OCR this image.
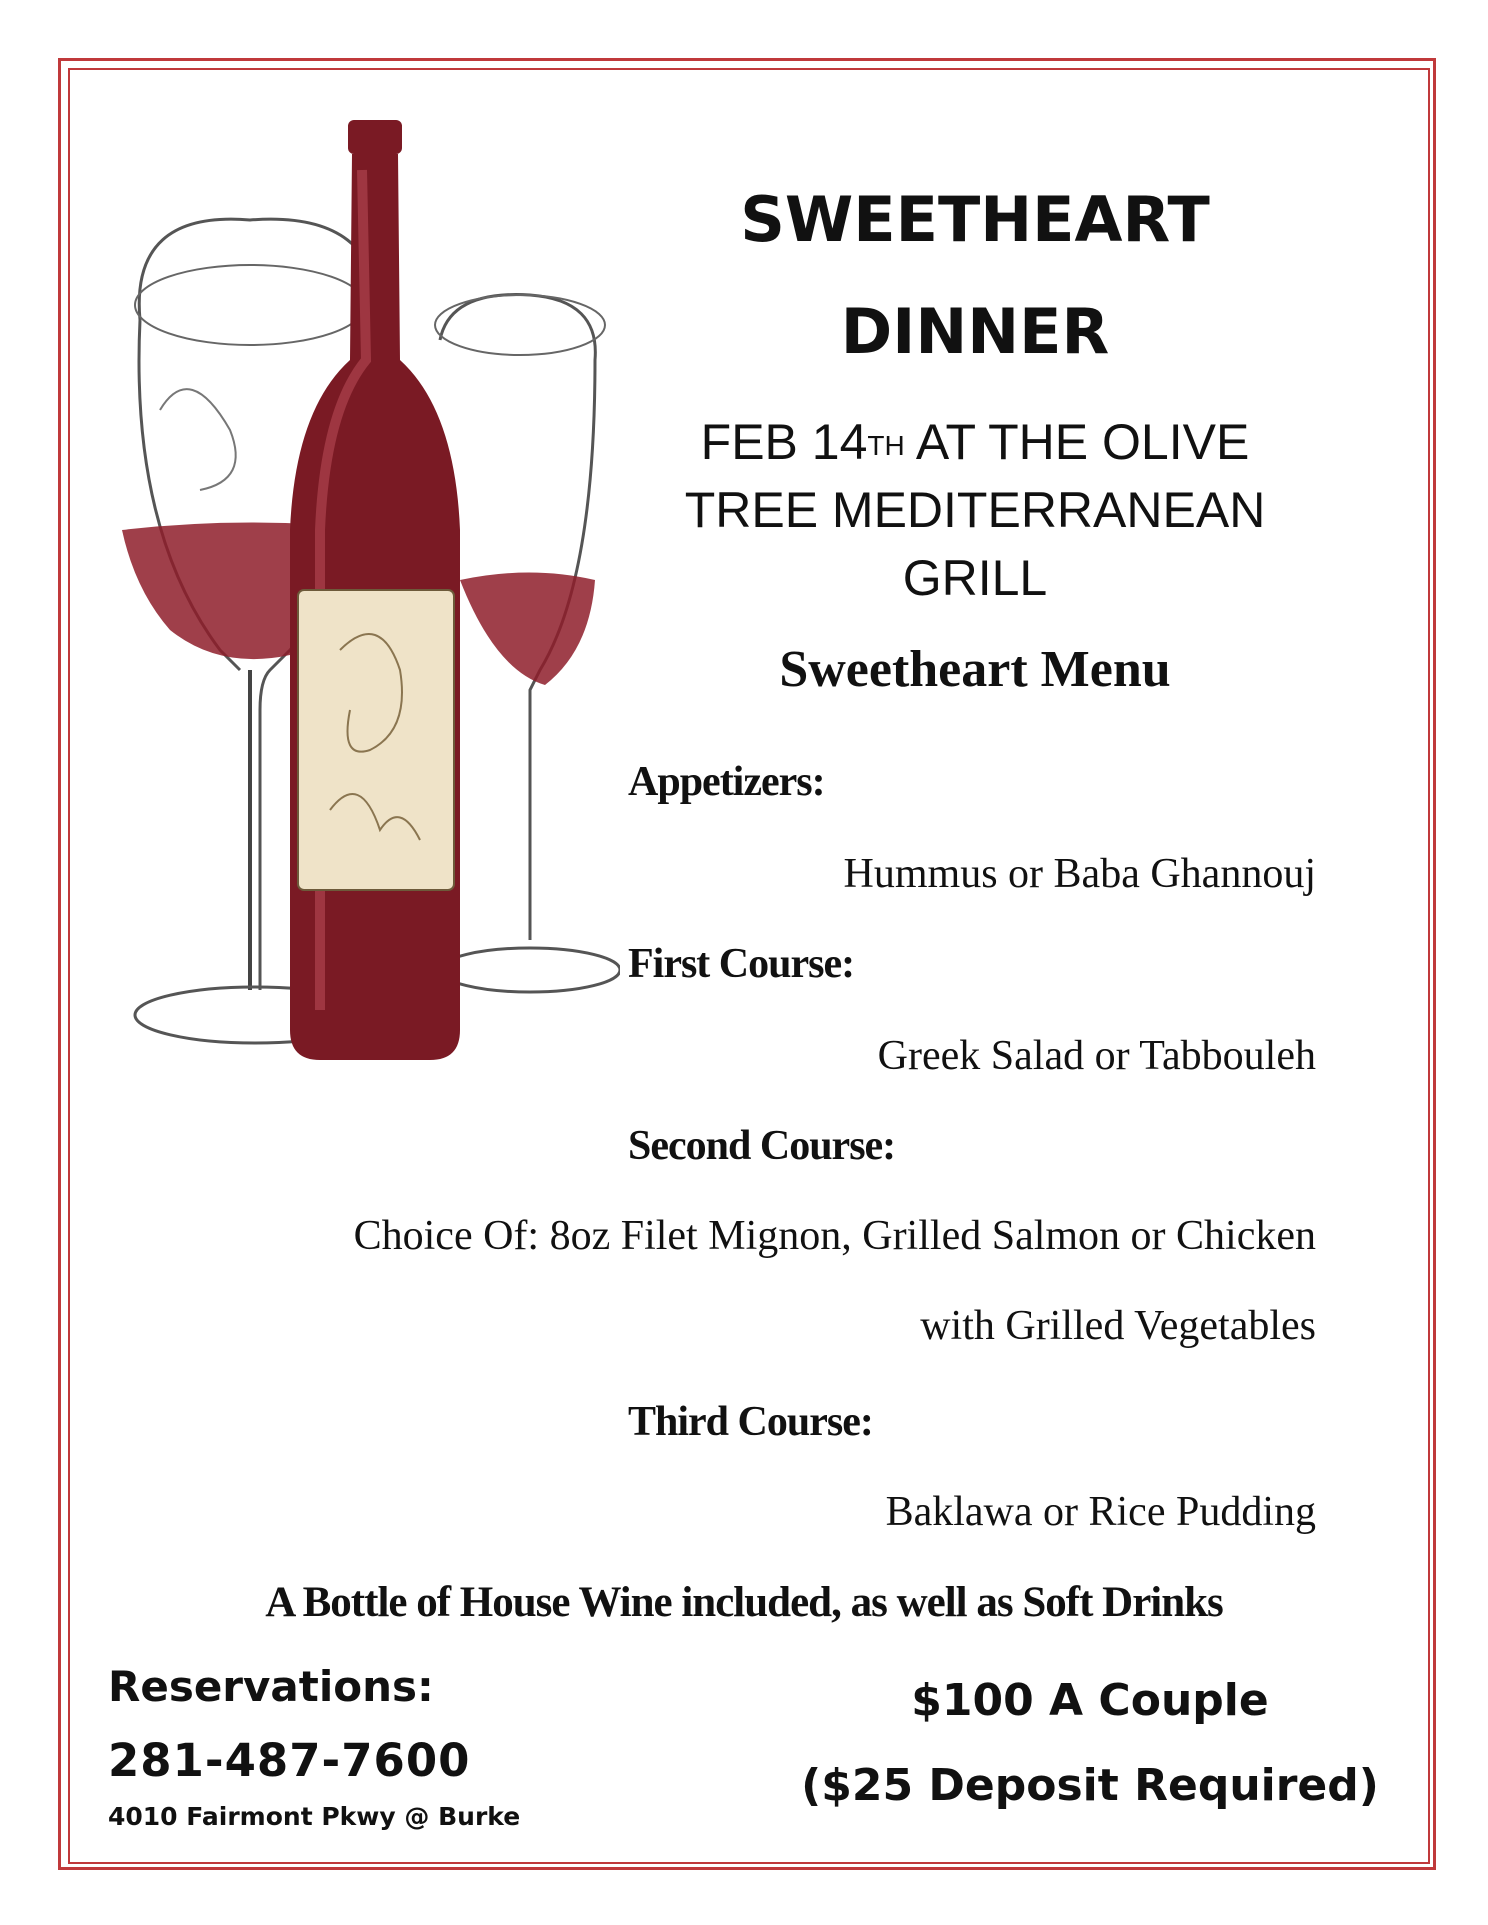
SWEETHEART
DINNER
FEB 14TH AT THE OLIVE
TREE MEDITERRANEAN
GRILL
Sweetheart Menu
Appetizers:
Hummus or Baba Ghannouj
First Course:
Greek Salad or Tabbouleh
Second Course:
Choice Of: 8oz Filet Mignon, Grilled Salmon or Chicken
with Grilled Vegetables
Third Course:
Baklawa or Rice Pudding
A Bottle of House Wine included, as well as Soft Drinks
Reservations:
281-487-7600
4010 Fairmont Pkwy @ Burke
$100 A Couple
($25 Deposit Required)
